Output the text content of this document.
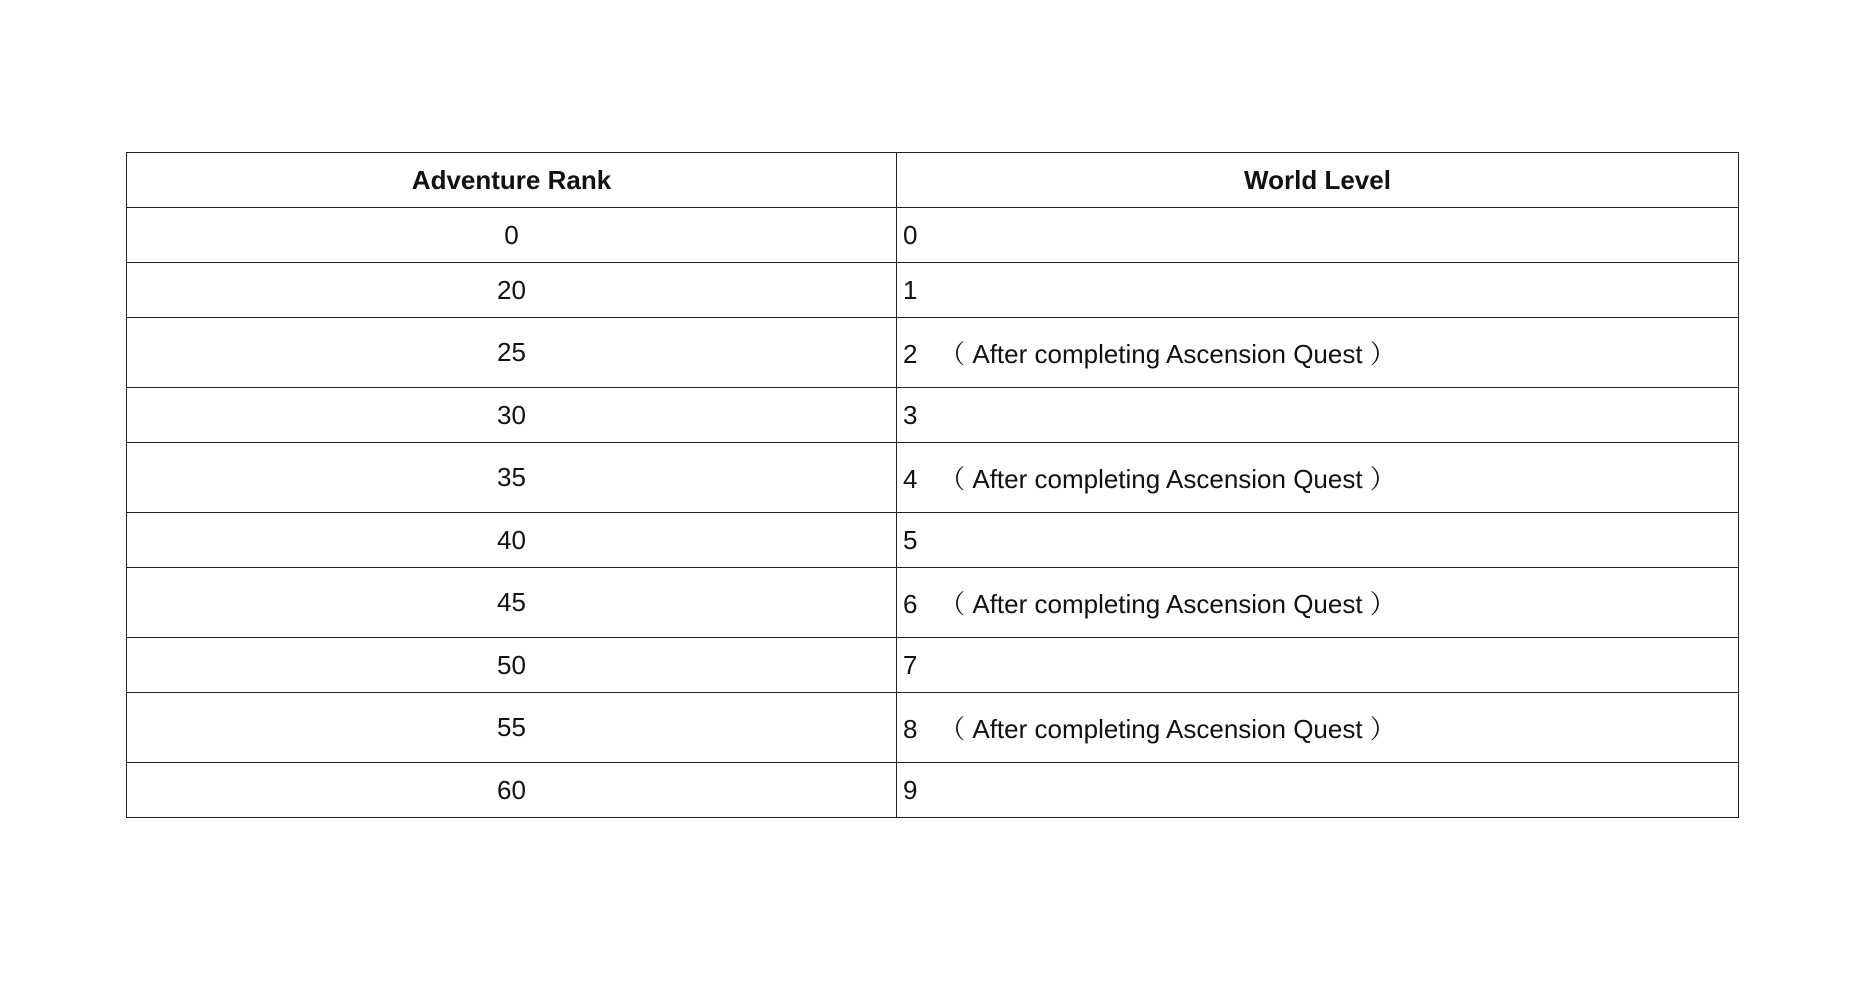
Adventure Rank	World Level
0	0
20	1
25	2   （ After completing Ascension Quest ）
30	3
35	4   （ After completing Ascension Quest ）
40	5
45	6   （ After completing Ascension Quest ）
50	7
55	8   （ After completing Ascension Quest ）
60	9
